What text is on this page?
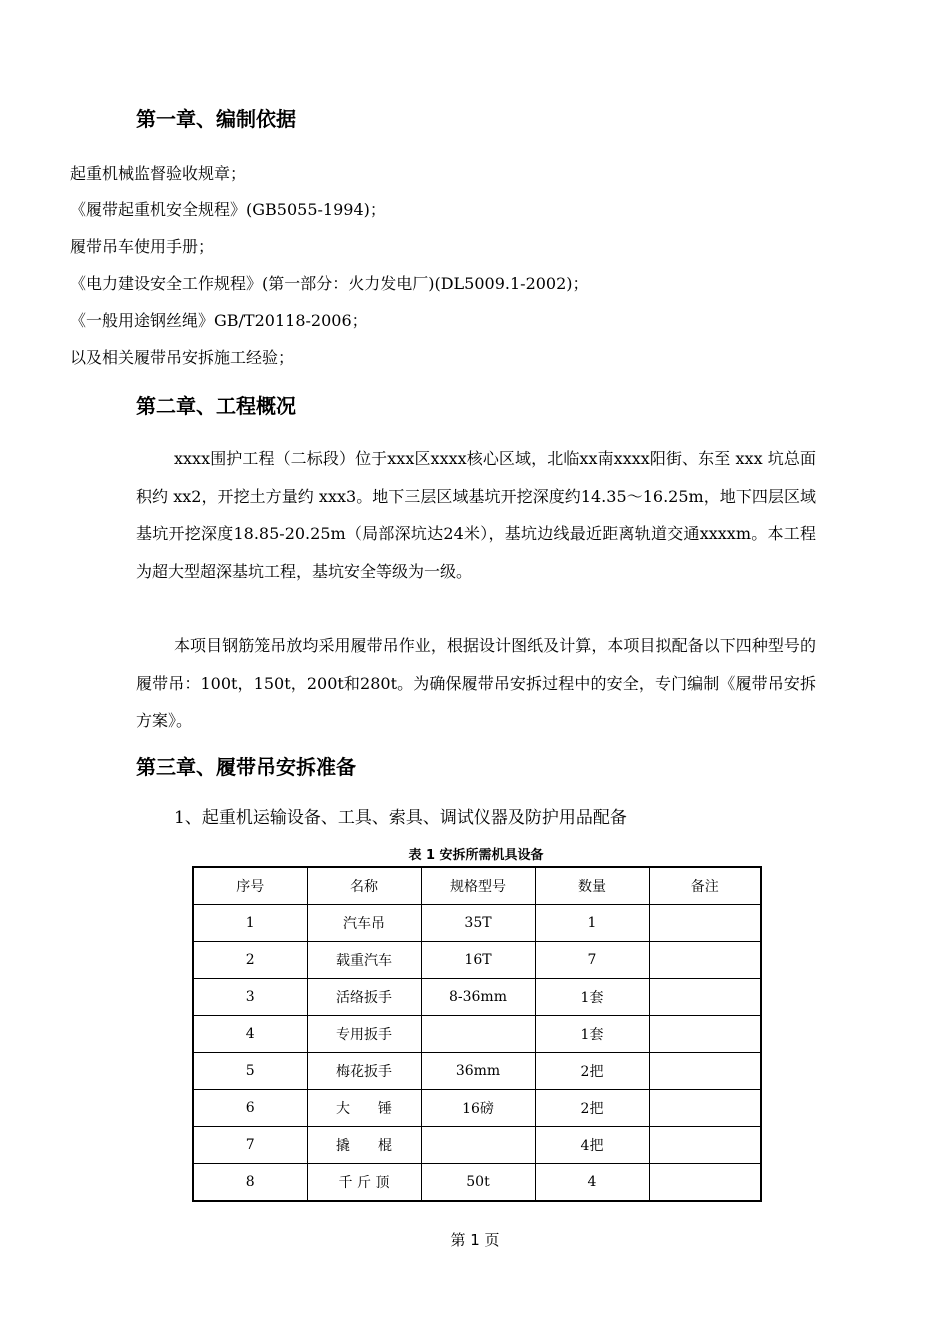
第一章、编制依据
起重机械监督验收规章；
《履带起重机安全规程》(GB5055-1994)；
履带吊车使用手册；
《电力建设安全工作规程》(第一部分：火力发电厂)(DL5009.1-2002)；
《一般用途钢丝绳》GB/T20118-2006；
以及相关履带吊安拆施工经验；
第二章、工程概况
xxxx围护工程（二标段）位于xxx区xxxx核心区域，北临xx南xxxx阳街、东至 xxx 坑总面积约 xx2，开挖土方量约 xxx3。地下三层区域基坑开挖深度约14.35～16.25m，地下四层区域基坑开挖深度18.85-20.25m（局部深坑达24米），基坑边线最近距离轨道交通xxxxm。本工程为超大型超深基坑工程，基坑安全等级为一级。
本项目钢筋笼吊放均采用履带吊作业，根据设计图纸及计算，本项目拟配备以下四种型号的履带吊：100t，150t，200t和280t。为确保履带吊安拆过程中的安全，专门编制《履带吊安拆方案》。
第三章、履带吊安拆准备
1、起重机运输设备、工具、索具、调试仪器及防护用品配备
表 1 安拆所需机具设备
序号	名称	规格型号	数量	备注
1	汽车吊	35T	1	
2	载重汽车	16T	7	
3	活络扳手	8-36mm	1套	
4	专用扳手		1套	
5	梅花扳手	36mm	2把	
6	大　　锤	16磅	2把	
7	撬　　棍		4把	
8	千 斤 顶	50t	4	
第 1 页
